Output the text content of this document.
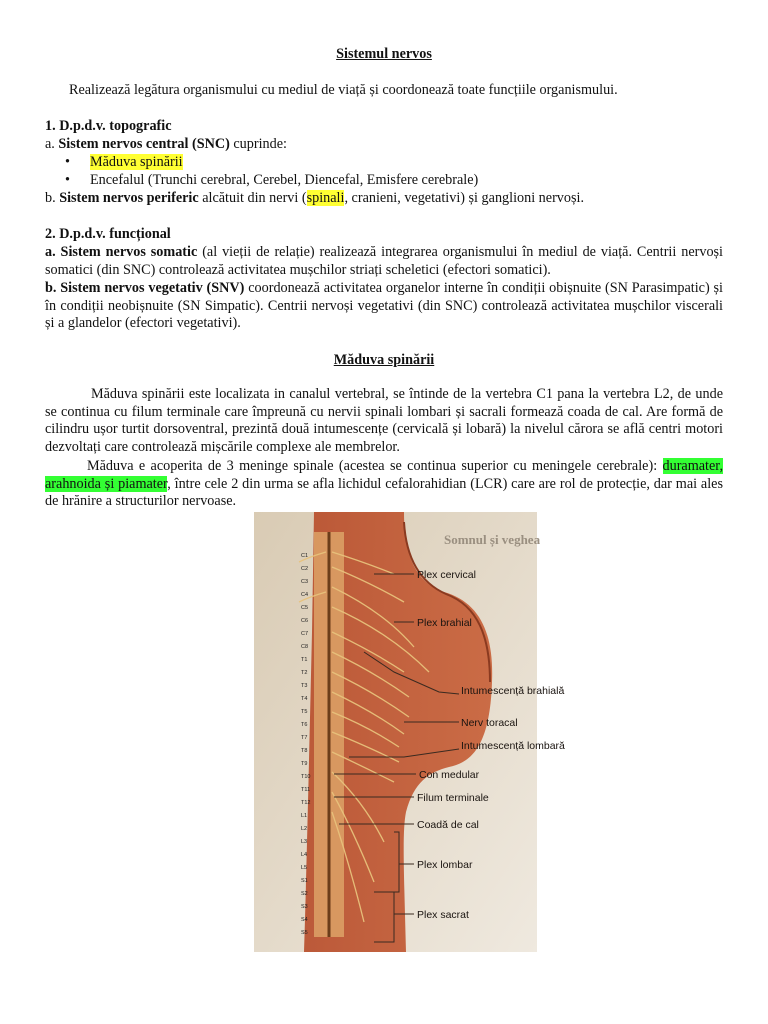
Sistemul nervos
Realizează legătura organismului cu mediul de viață și coordonează toate funcțiile organismului.
1. D.p.d.v. topografic
a. Sistem nervos central (SNC) cuprinde:
•
Măduva spinării
•
Encefalul (Trunchi cerebral, Cerebel, Diencefal, Emisfere cerebrale)
b. Sistem nervos periferic alcătuit din nervi (spinali, cranieni, vegetativi) și ganglioni nervoși.
2. D.p.d.v. funcțional
a. Sistem nervos somatic (al vieții de relație) realizează integrarea organismului în mediul de viață. Centrii nervoși somatici (din SNC) controlează activitatea mușchilor striați scheletici (efectori somatici).
b. Sistem nervos vegetativ (SNV) coordonează activitatea organelor interne în condiții obișnuite (SN Parasimpatic) și în condiții neobișnuite (SN Simpatic). Centrii nervoși vegetativi (din SNC) controlează activitatea mușchilor viscerali și a glandelor (efectori vegetativi).
Măduva spinării
Măduva spinării este localizata in canalul vertebral, se întinde de la vertebra C1 pana la vertebra L2, de unde se continua cu filum terminale care împreună cu nervii spinali lombari și sacrali formează coada de cal. Are formă de cilindru ușor turtit dorsoventral, prezintă două intumescențe (cervicală și lobară) la nivelul cărora se află centri motori dezvoltați care controlează mișcările complexe ale membrelor.
Măduva e acoperita de 3 meninge spinale (acestea se continua superior cu meningele cerebrale): duramater, arahnoida și piamater, între cele 2 din urma se afla lichidul cefalorahidian (LCR) care are rol de protecție, dar mai ales de hrănire a structurilor nervoase.
Somnul și veghea
Plex cervical
Plex brahial
Intumescență brahială
Nerv toracal
Intumescență lombară
Con medular
Filum terminale
Coadă de cal
Plex lombar
Plex sacrat
C1
C2
C3
C4
C5
C6
C7
C8
T1
T2
T3
T4
T5
T6
T7
T8
T9
T10
T11
T12
L1
L2
L3
L4
L5
S1
S2
S3
S4
S5
